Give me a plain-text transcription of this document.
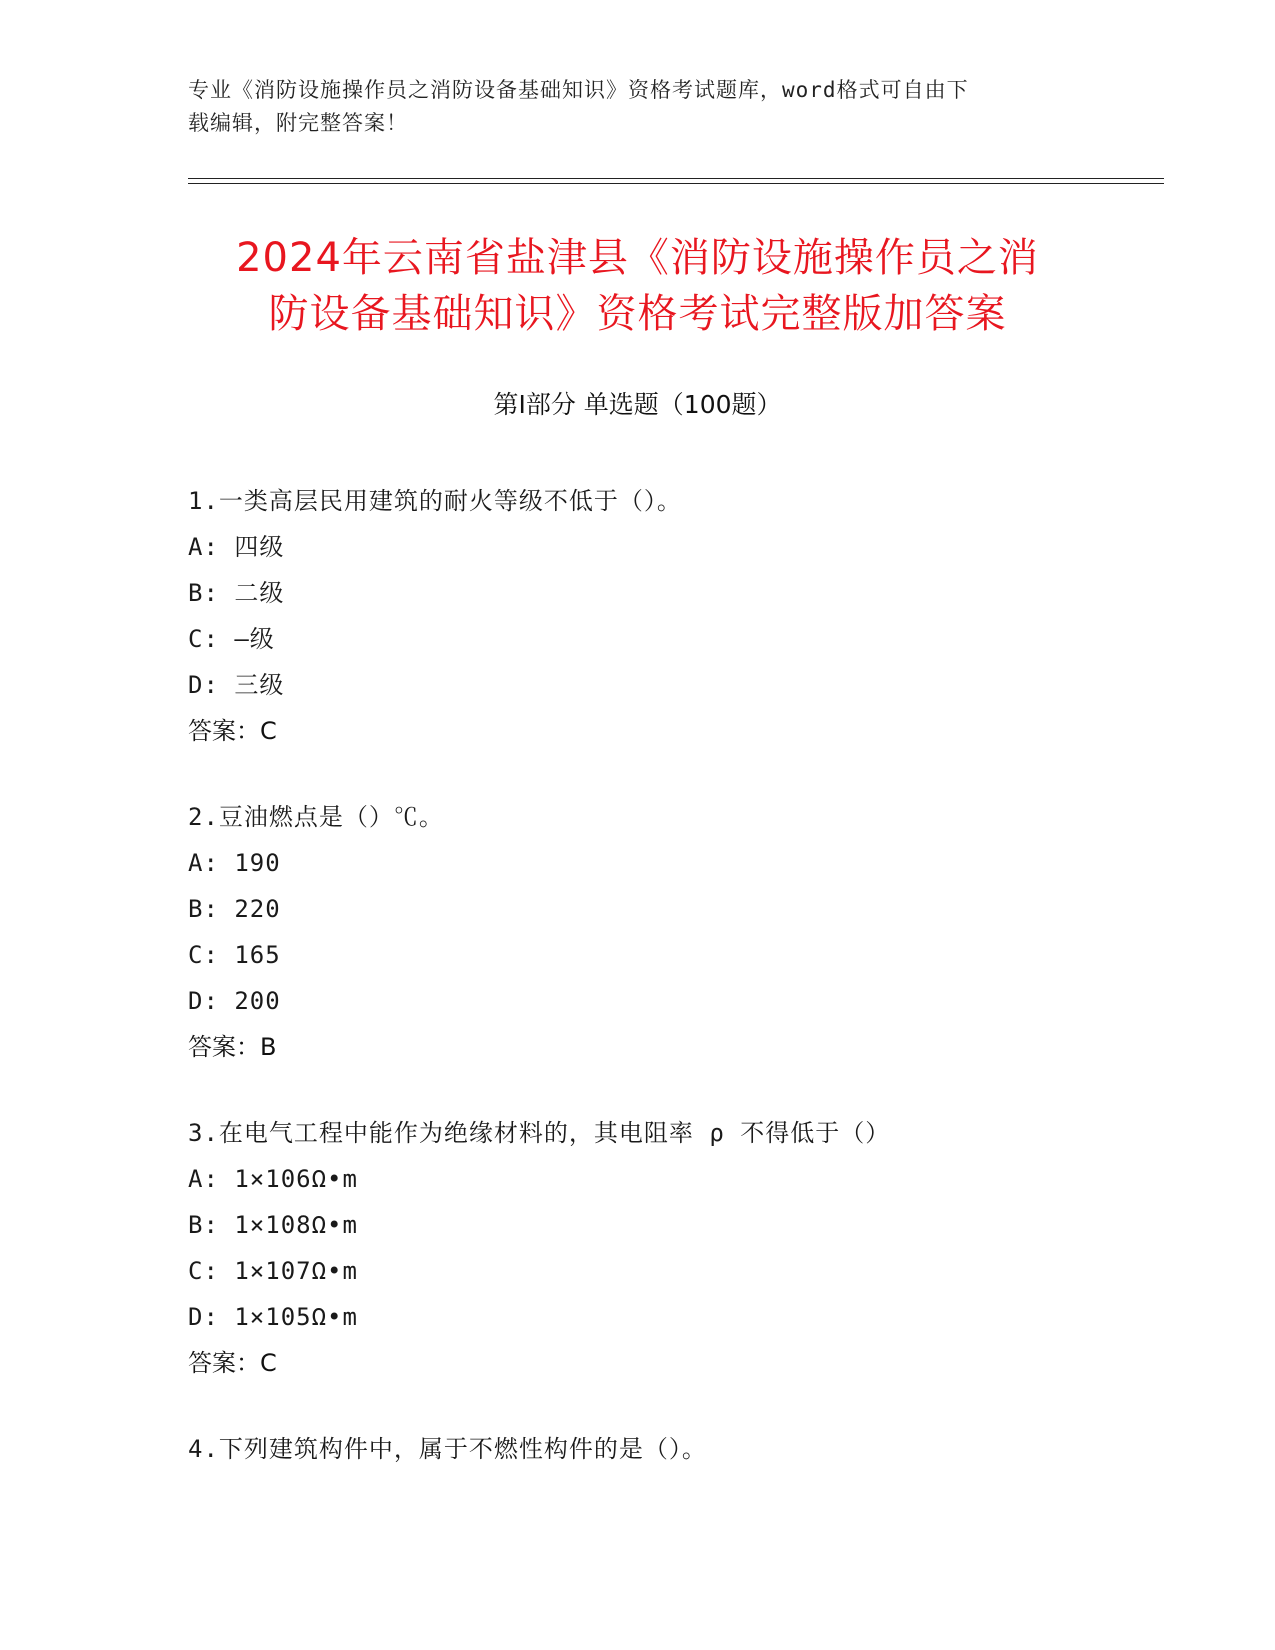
专业《消防设施操作员之消防设备基础知识》资格考试题库，word格式可自由下
载编辑，附完整答案！
2024年云南省盐津县《消防设施操作员之消
防设备基础知识》资格考试完整版加答案
第Ⅰ部分 单选题（100题）
1.一类高层民用建筑的耐火等级不低于（）。
A: 四级
B: 二级
C: —级
D: 三级
答案：C
2.豆油燃点是（）℃。
A: 190
B: 220
C: 165
D: 200
答案：B
3.在电气工程中能作为绝缘材料的，其电阻率 ρ 不得低于（）
A: 1×106Ω•m
B: 1×108Ω•m
C: 1×107Ω•m
D: 1×105Ω•m
答案：C
4.下列建筑构件中，属于不燃性构件的是（）。
